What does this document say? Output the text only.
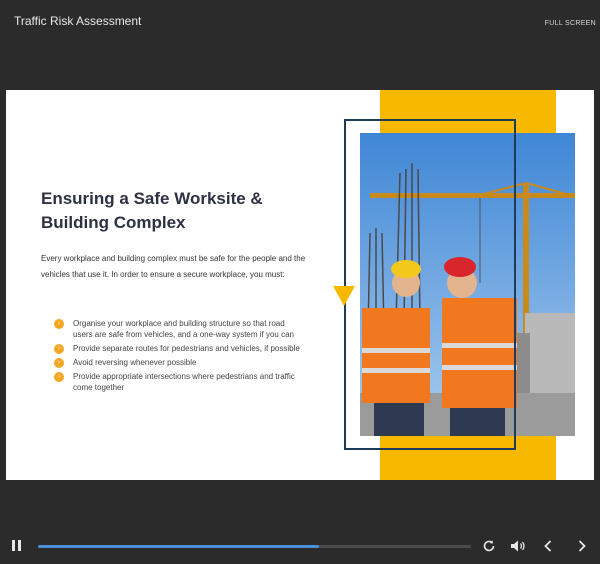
Traffic Risk Assessment	FULL SCREEN
Ensuring a Safe Worksite & Building Complex

Every workplace and building complex must be safe for the people and the vehicles that use it. In order to ensure a secure workplace, you must:

›	Organise your workplace and building structure so that road users are safe from vehicles, and a one-way system if you can
›	Provide separate routes for pedestrians and vehicles, if possible
›	Avoid reversing whenever possible
›	Provide appropriate intersections where pedestrians and traffic come together
